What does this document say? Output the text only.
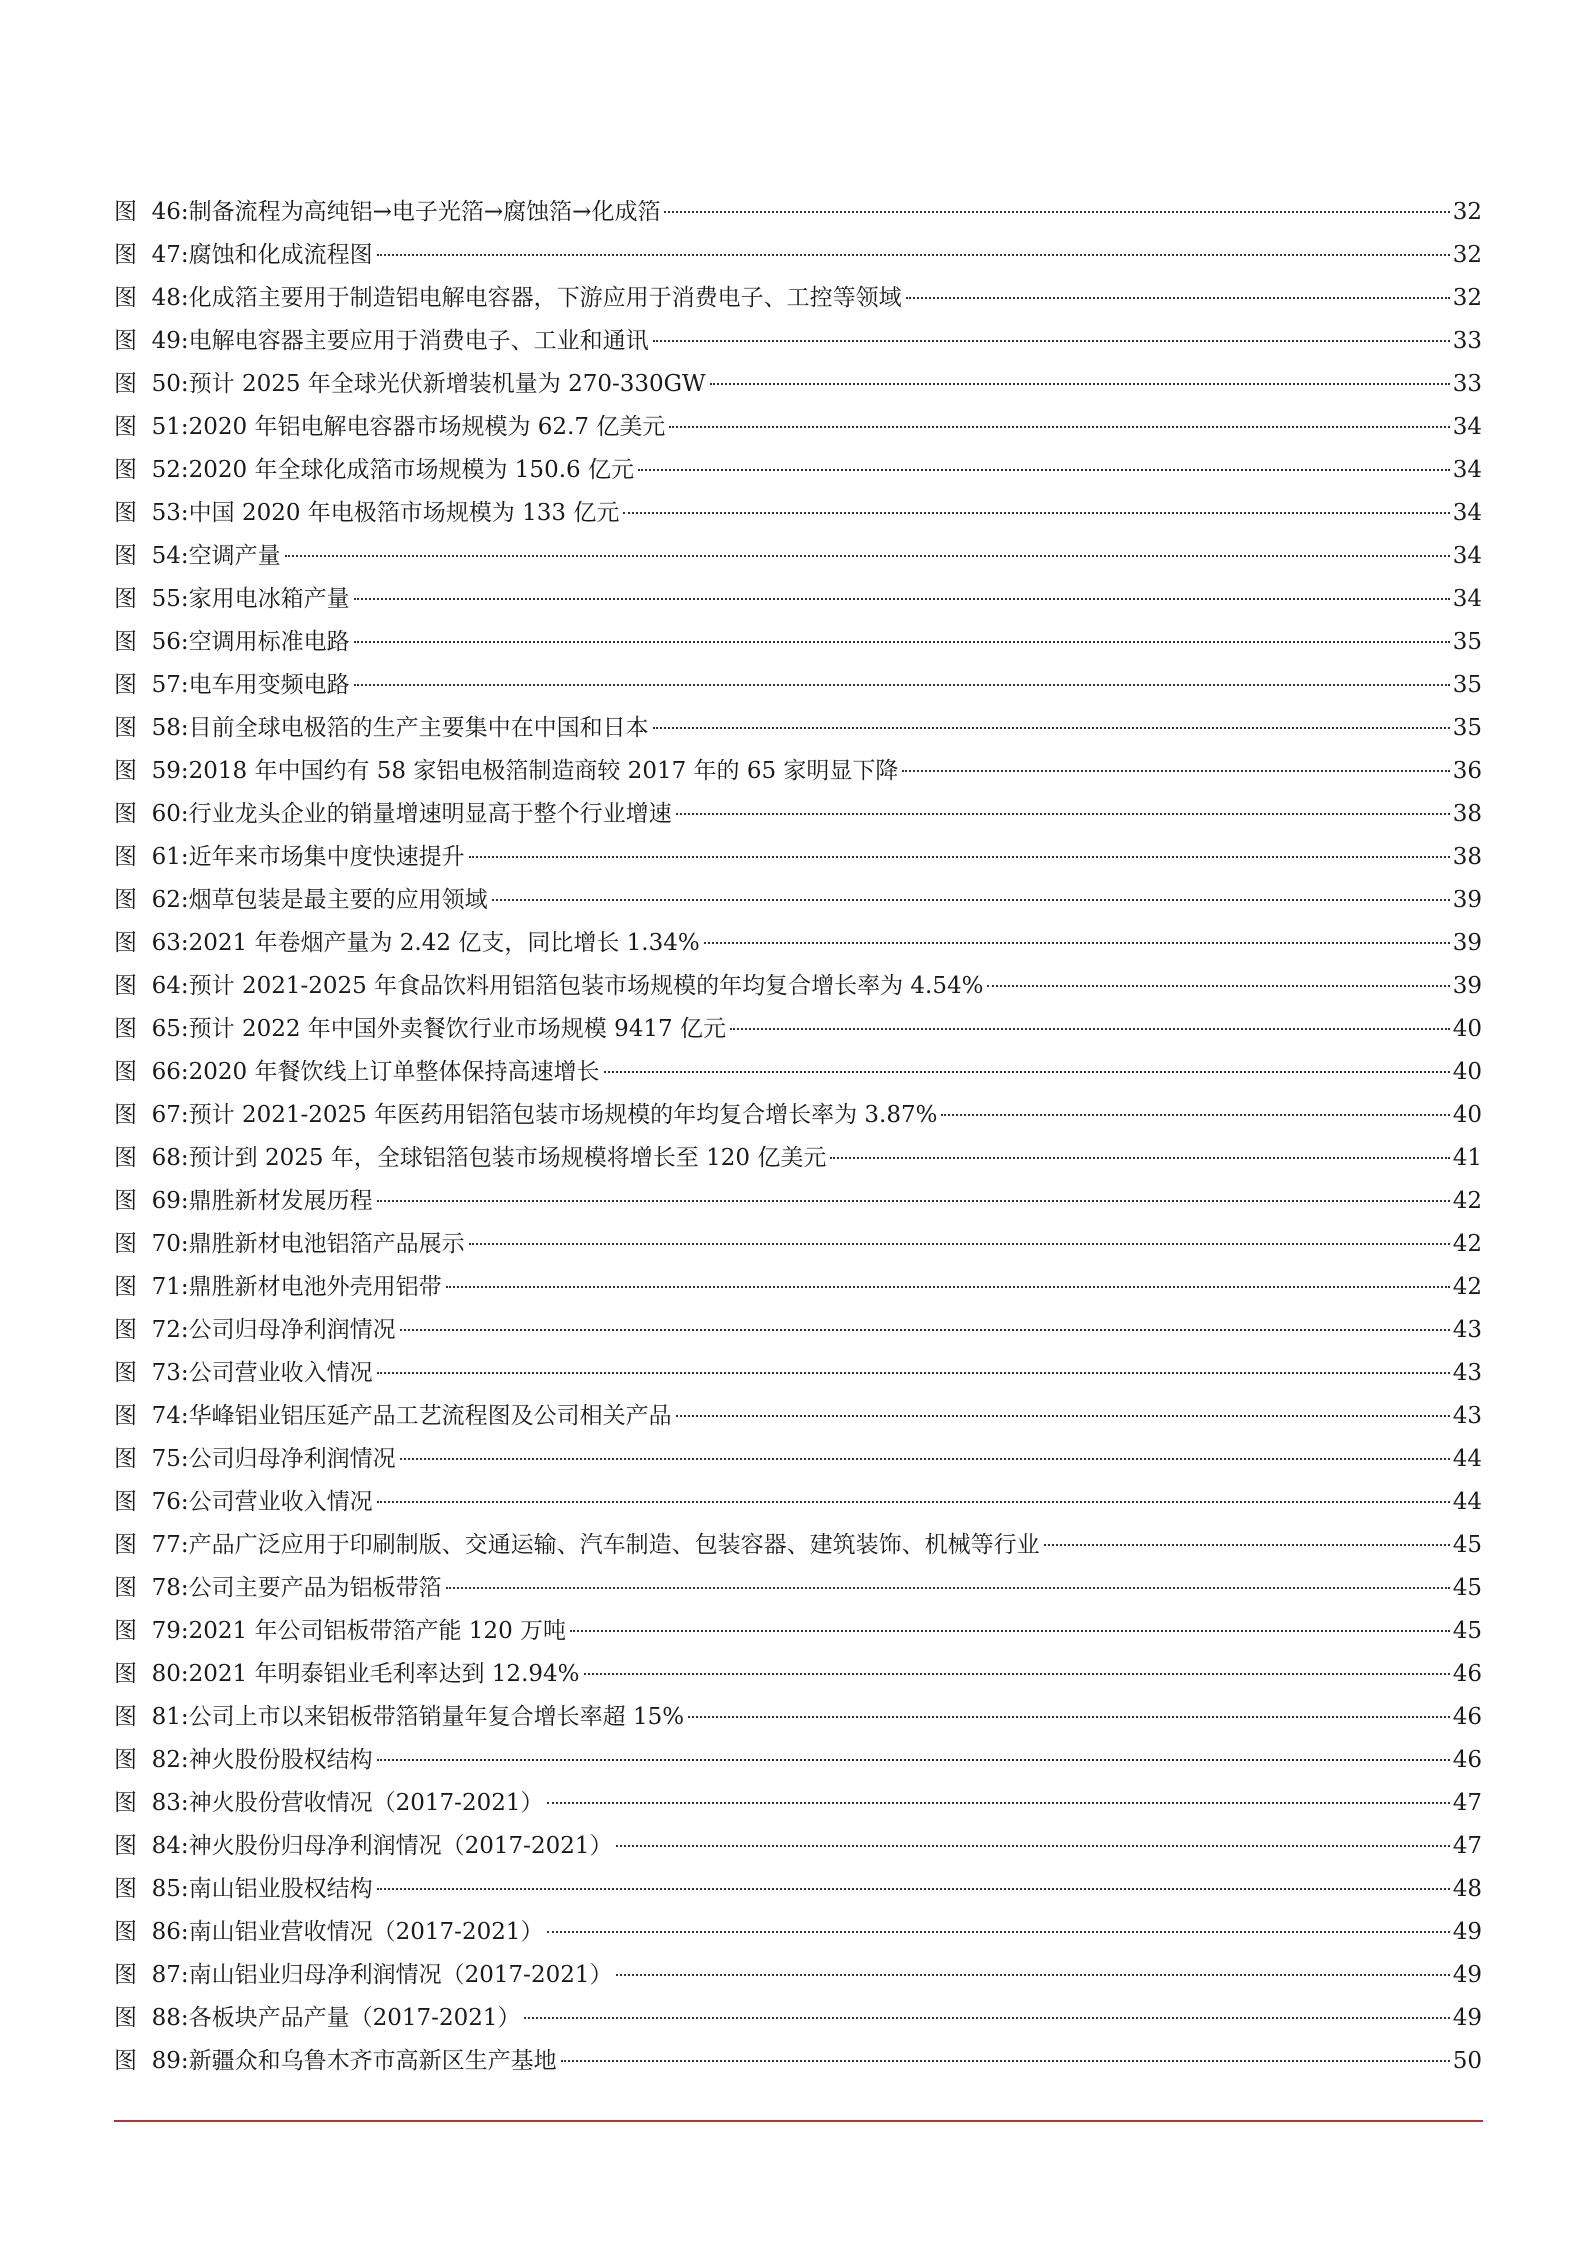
图  46: 制备流程为高纯铝→电子光箔→腐蚀箔→化成箔	32
图  47: 腐蚀和化成流程图	32
图  48: 化成箔主要用于制造铝电解电容器，下游应用于消费电子、工控等领域	32
图  49: 电解电容器主要应用于消费电子、工业和通讯	33
图  50: 预计 2025 年全球光伏新增装机量为 270-330GW	33
图  51: 2020 年铝电解电容器市场规模为 62.7 亿美元	34
图  52: 2020 年全球化成箔市场规模为 150.6 亿元	34
图  53: 中国 2020 年电极箔市场规模为 133 亿元	34
图  54: 空调产量	34
图  55: 家用电冰箱产量	34
图  56: 空调用标准电路	35
图  57: 电车用变频电路	35
图  58: 目前全球电极箔的生产主要集中在中国和日本	35
图  59: 2018 年中国约有 58 家铝电极箔制造商较 2017 年的 65 家明显下降	36
图  60: 行业龙头企业的销量增速明显高于整个行业增速	38
图  61: 近年来市场集中度快速提升	38
图  62: 烟草包装是最主要的应用领域	39
图  63: 2021 年卷烟产量为 2.42 亿支，同比增长 1.34%	39
图  64: 预计 2021-2025 年食品饮料用铝箔包装市场规模的年均复合增长率为 4.54%	39
图  65: 预计 2022 年中国外卖餐饮行业市场规模 9417 亿元	40
图  66: 2020 年餐饮线上订单整体保持高速增长	40
图  67: 预计 2021-2025 年医药用铝箔包装市场规模的年均复合增长率为 3.87%	40
图  68: 预计到 2025 年，全球铝箔包装市场规模将增长至 120 亿美元	41
图  69: 鼎胜新材发展历程	42
图  70: 鼎胜新材电池铝箔产品展示	42
图  71: 鼎胜新材电池外壳用铝带	42
图  72: 公司归母净利润情况	43
图  73: 公司营业收入情况	43
图  74: 华峰铝业铝压延产品工艺流程图及公司相关产品	43
图  75: 公司归母净利润情况	44
图  76: 公司营业收入情况	44
图  77: 产品广泛应用于印刷制版、交通运输、汽车制造、包装容器、建筑装饰、机械等行业	45
图  78: 公司主要产品为铝板带箔	45
图  79: 2021 年公司铝板带箔产能 120 万吨	45
图  80: 2021 年明泰铝业毛利率达到 12.94%	46
图  81: 公司上市以来铝板带箔销量年复合增长率超 15%	46
图  82: 神火股份股权结构	46
图  83: 神火股份营收情况（2017-2021）	47
图  84: 神火股份归母净利润情况（2017-2021）	47
图  85: 南山铝业股权结构	48
图  86: 南山铝业营收情况（2017-2021）	49
图  87: 南山铝业归母净利润情况（2017-2021）	49
图  88: 各板块产品产量（2017-2021）	49
图  89: 新疆众和乌鲁木齐市高新区生产基地	50
